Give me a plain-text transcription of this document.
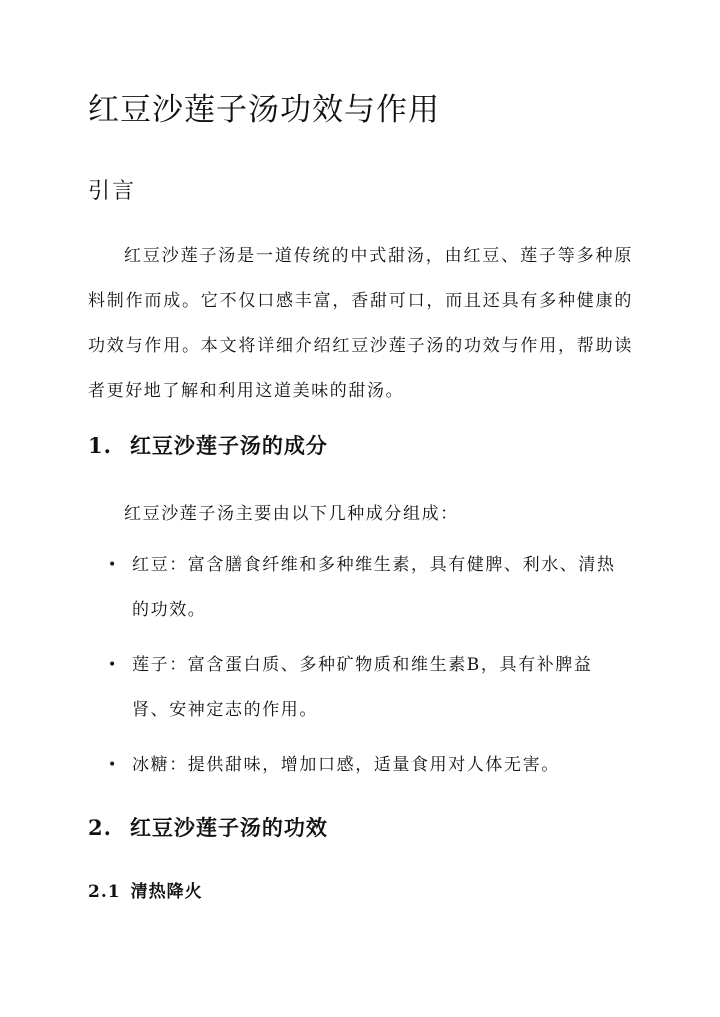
红豆沙莲子汤功效与作用
引言

红豆沙莲子汤是一道传统的中式甜汤，由红豆、莲子等多种原料制作而成。它不仅口感丰富，香甜可口，而且还具有多种健康的功效与作用。本文将详细介绍红豆沙莲子汤的功效与作用，帮助读者更好地了解和利用这道美味的甜汤。

1. 红豆沙莲子汤的成分

红豆沙莲子汤主要由以下几种成分组成：

• 红豆：富含膳食纤维和多种维生素，具有健脾、利水、清热的功效。

• 莲子：富含蛋白质、多种矿物质和维生素B，具有补脾益肾、安神定志的作用。

• 冰糖：提供甜味，增加口感，适量食用对人体无害。

2. 红豆沙莲子汤的功效
2.1 清热降火
